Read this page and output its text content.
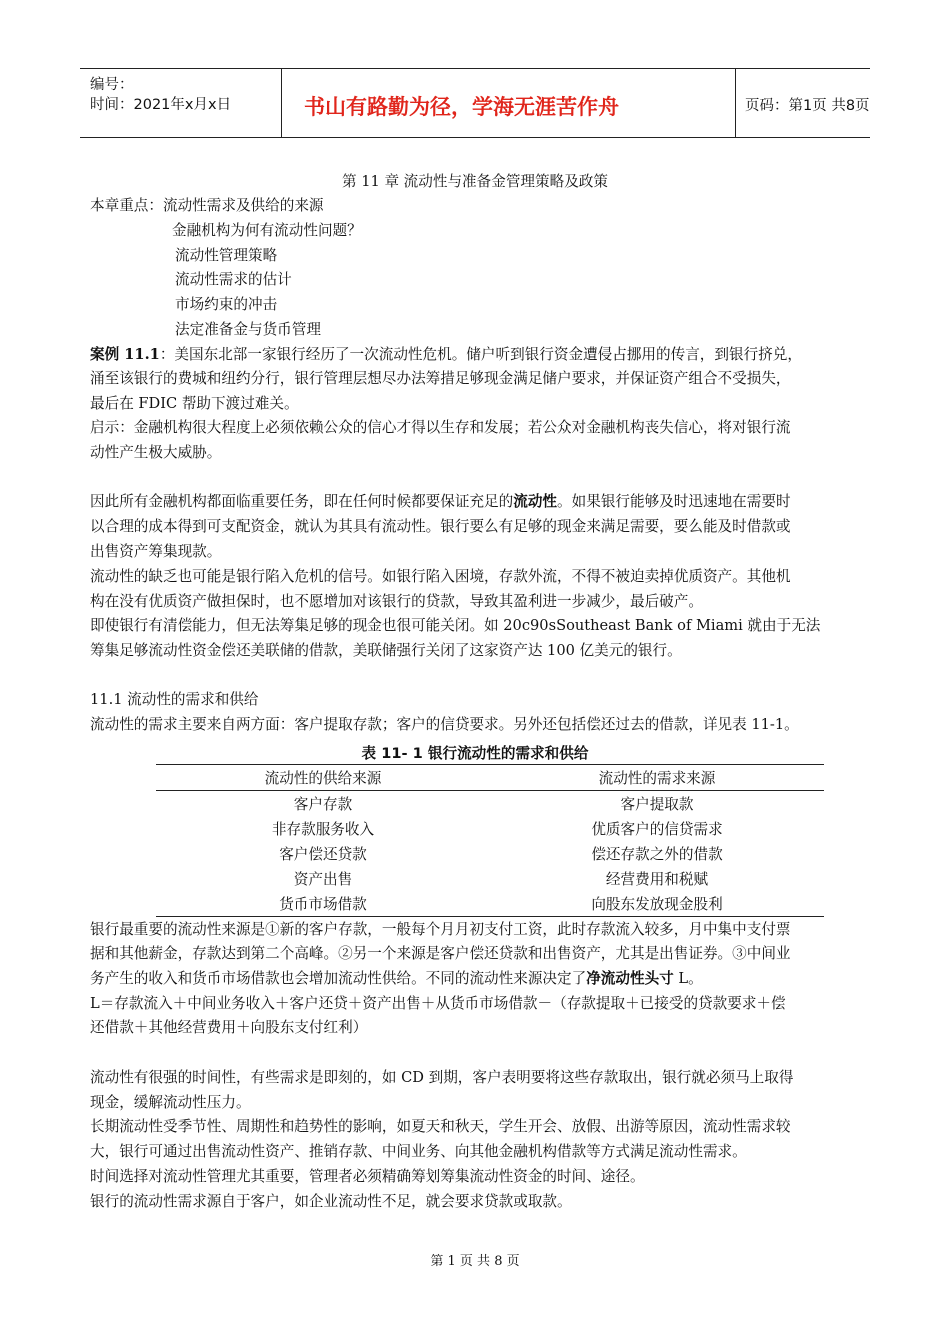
编号：
时间：2021年x月x日	书山有路勤为径，学海无涯苦作舟	页码：第1页 共8页
第 11 章 流动性与准备金管理策略及政策
本章重点：流动性需求及供给的来源
金融机构为何有流动性问题？
流动性管理策略
流动性需求的估计
市场约束的冲击
法定准备金与货币管理
案例 11.1：美国东北部一家银行经历了一次流动性危机。储户听到银行资金遭侵占挪用的传言，到银行挤兑，
涌至该银行的费城和纽约分行，银行管理层想尽办法筹措足够现金满足储户要求，并保证资产组合不受损失，
最后在 FDIC 帮助下渡过难关。
启示：金融机构很大程度上必须依赖公众的信心才得以生存和发展；若公众对金融机构丧失信心，将对银行流
动性产生极大威胁。
因此所有金融机构都面临重要任务，即在任何时候都要保证充足的流动性。如果银行能够及时迅速地在需要时
以合理的成本得到可支配资金，就认为其具有流动性。银行要么有足够的现金来满足需要，要么能及时借款或
出售资产筹集现款。
流动性的缺乏也可能是银行陷入危机的信号。如银行陷入困境，存款外流，不得不被迫卖掉优质资产。其他机
构在没有优质资产做担保时，也不愿增加对该银行的贷款，导致其盈利进一步减少，最后破产。
即使银行有清偿能力，但无法筹集足够的现金也很可能关闭。如 20c90sSoutheast Bank of Miami 就由于无法
筹集足够流动性资金偿还美联储的借款，美联储强行关闭了这家资产达 100 亿美元的银行。
11.1 流动性的需求和供给
流动性的需求主要来自两方面：客户提取存款；客户的信贷要求。另外还包括偿还过去的借款，详见表 11-1。
表 11- 1 银行流动性的需求和供给
流动性的供给来源	流动性的需求来源
客户存款	客户提取款
非存款服务收入	优质客户的信贷需求
客户偿还贷款	偿还存款之外的借款
资产出售	经营费用和税赋
货币市场借款	向股东发放现金股利
银行最重要的流动性来源是①新的客户存款，一般每个月月初支付工资，此时存款流入较多，月中集中支付票
据和其他薪金，存款达到第二个高峰。②另一个来源是客户偿还贷款和出售资产，尤其是出售证券。③中间业
务产生的收入和货币市场借款也会增加流动性供给。不同的流动性来源决定了净流动性头寸 L。
L＝存款流入＋中间业务收入＋客户还贷＋资产出售＋从货币市场借款－（存款提取＋已接受的贷款要求＋偿
还借款＋其他经营费用＋向股东支付红利）
流动性有很强的时间性，有些需求是即刻的，如 CD 到期，客户表明要将这些存款取出，银行就必须马上取得
现金，缓解流动性压力。
长期流动性受季节性、周期性和趋势性的影响，如夏天和秋天，学生开会、放假、出游等原因，流动性需求较
大，银行可通过出售流动性资产、推销存款、中间业务、向其他金融机构借款等方式满足流动性需求。
时间选择对流动性管理尤其重要，管理者必须精确筹划筹集流动性资金的时间、途径。
银行的流动性需求源自于客户，如企业流动性不足，就会要求贷款或取款。
第 1 页 共 8 页
